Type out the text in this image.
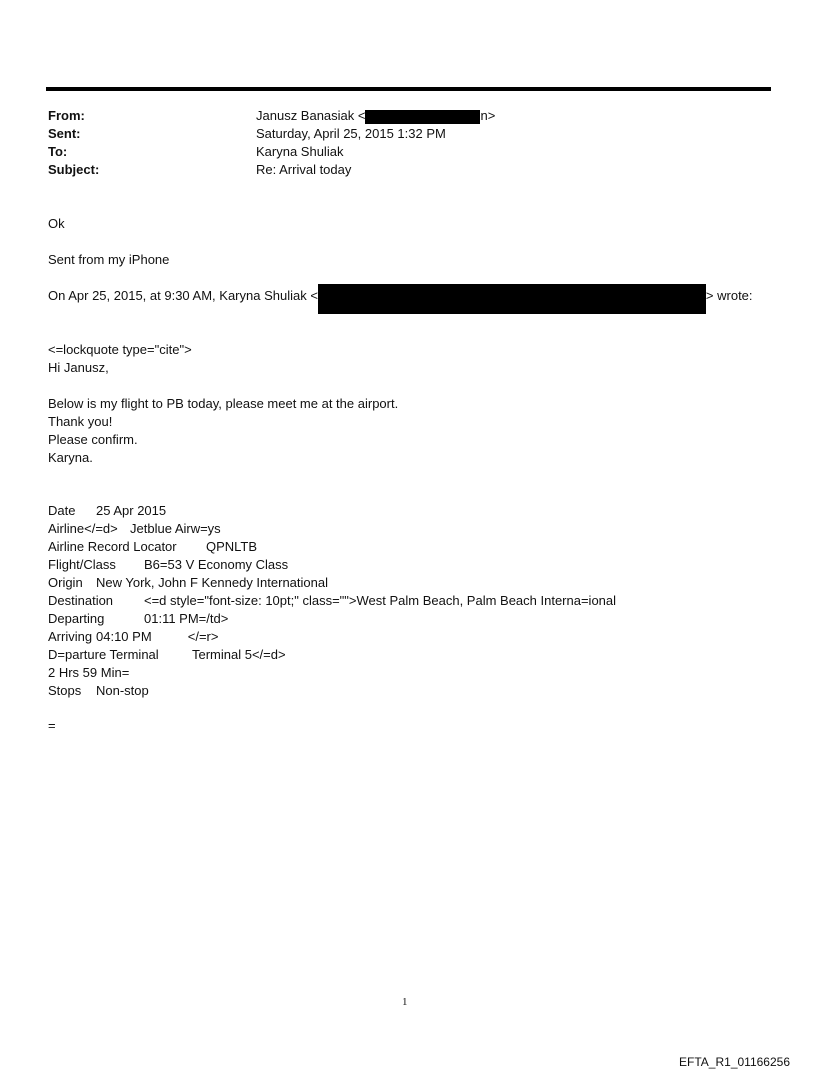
From:	Janusz Banasiak <	n>
Sent:	Saturday, April 25, 2015 1:32 PM
To:	Karyna Shuliak
Subject:	Re: Arrival today
Ok
Sent from my iPhone
On Apr 25, 2015, at 9:30 AM, Karyna Shuliak <	> wrote:
<=lockquote type="cite">
Hi Janusz,
Below is my flight to PB today, please meet me at the airport.
Thank you!
Please confirm.
Karyna.
Date 25 Apr 2015
Airline</=d> Jetblue Airw=ys
Airline Record Locator QPNLTB
Flight/Class B6=53 V Economy Class
Origin New York, John F Kennedy International
Destination <=d style="font-size: 10pt;" class="">West Palm Beach, Palm Beach Interna=ional
Departing	01:11 PM=/td>
Arriving 04:10 PM          </=r>
D=parture Terminal	Terminal 5</=d>
2 Hrs 59 Min=
Stops Non-stop
=
1
EFTA_R1_01166256
